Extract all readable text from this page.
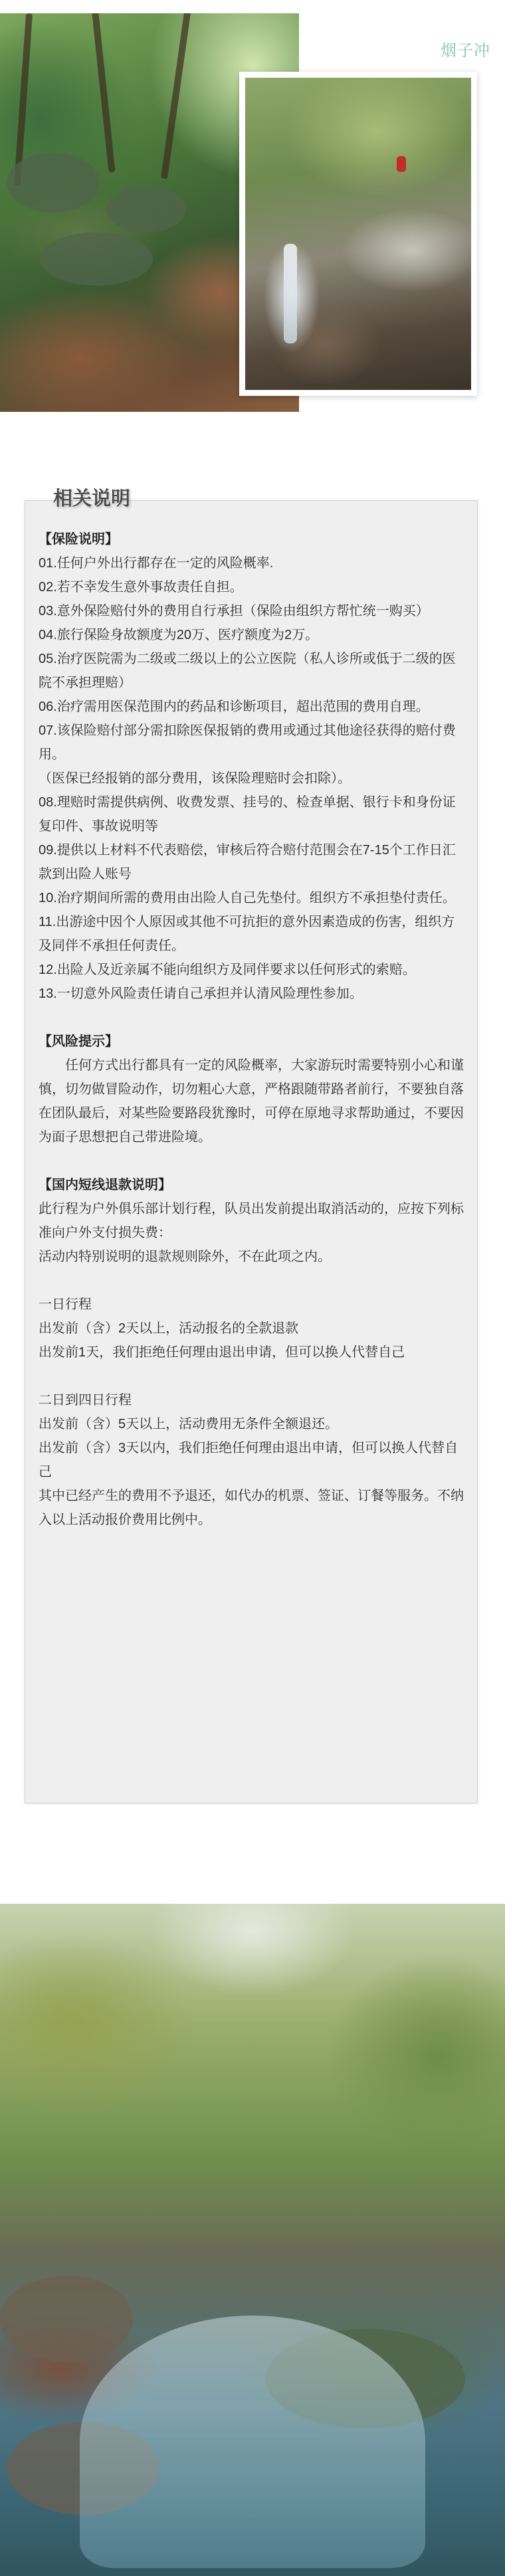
烟子冲

【保险说明】

01.任何户外出行都存在一定的风险概率.

02.若不幸发生意外事故责任自担。

03.意外保险赔付外的费用自行承担（保险由组织方帮忙统一购买）

04.旅行保险身故额度为20万、医疗额度为2万。

05.治疗医院需为二级或二级以上的公立医院（私人诊所或低于二级的医院不承担理赔）

06.治疗需用医保范围内的药品和诊断项目，超出范围的费用自理。

07.该保险赔付部分需扣除医保报销的费用或通过其他途径获得的赔付费用。

（医保已经报销的部分费用，该保险理赔时会扣除）。

08.理赔时需提供病例、收费发票、挂号的、检查单据、银行卡和身份证复印件、事故说明等

09.提供以上材料不代表赔偿，审核后符合赔付范围会在7-15个工作日汇款到出险人账号

10.治疗期间所需的费用由出险人自己先垫付。组织方不承担垫付责任。

11.出游途中因个人原因或其他不可抗拒的意外因素造成的伤害，组织方及同伴不承担任何责任。

12.出险人及近亲属不能向组织方及同伴要求以任何形式的索赔。

13.一切意外风险责任请自己承担并认清风险理性参加。

【风险提示】

任何方式出行都具有一定的风险概率，大家游玩时需要特别小心和谨慎，切勿做冒险动作，切勿粗心大意，严格跟随带路者前行，不要独自落在团队最后，对某些险要路段犹豫时，可停在原地寻求帮助通过，不要因为面子思想把自己带进险境。

【国内短线退款说明】

此行程为户外俱乐部计划行程，队员出发前提出取消活动的，应按下列标准向户外支付损失费：

活动内特别说明的退款规则除外，不在此项之内。

一日行程

出发前（含）2天以上，活动报名的全款退款

出发前1天，我们拒绝任何理由退出申请，但可以换人代替自己

二日到四日行程

出发前（含）5天以上，活动费用无条件全额退还。

出发前（含）3天以内，我们拒绝任何理由退出申请，但可以换人代替自己

其中已经产生的费用不予退还，如代办的机票、签证、订餐等服务。不纳入以上活动报价费用比例中。

相关说明
